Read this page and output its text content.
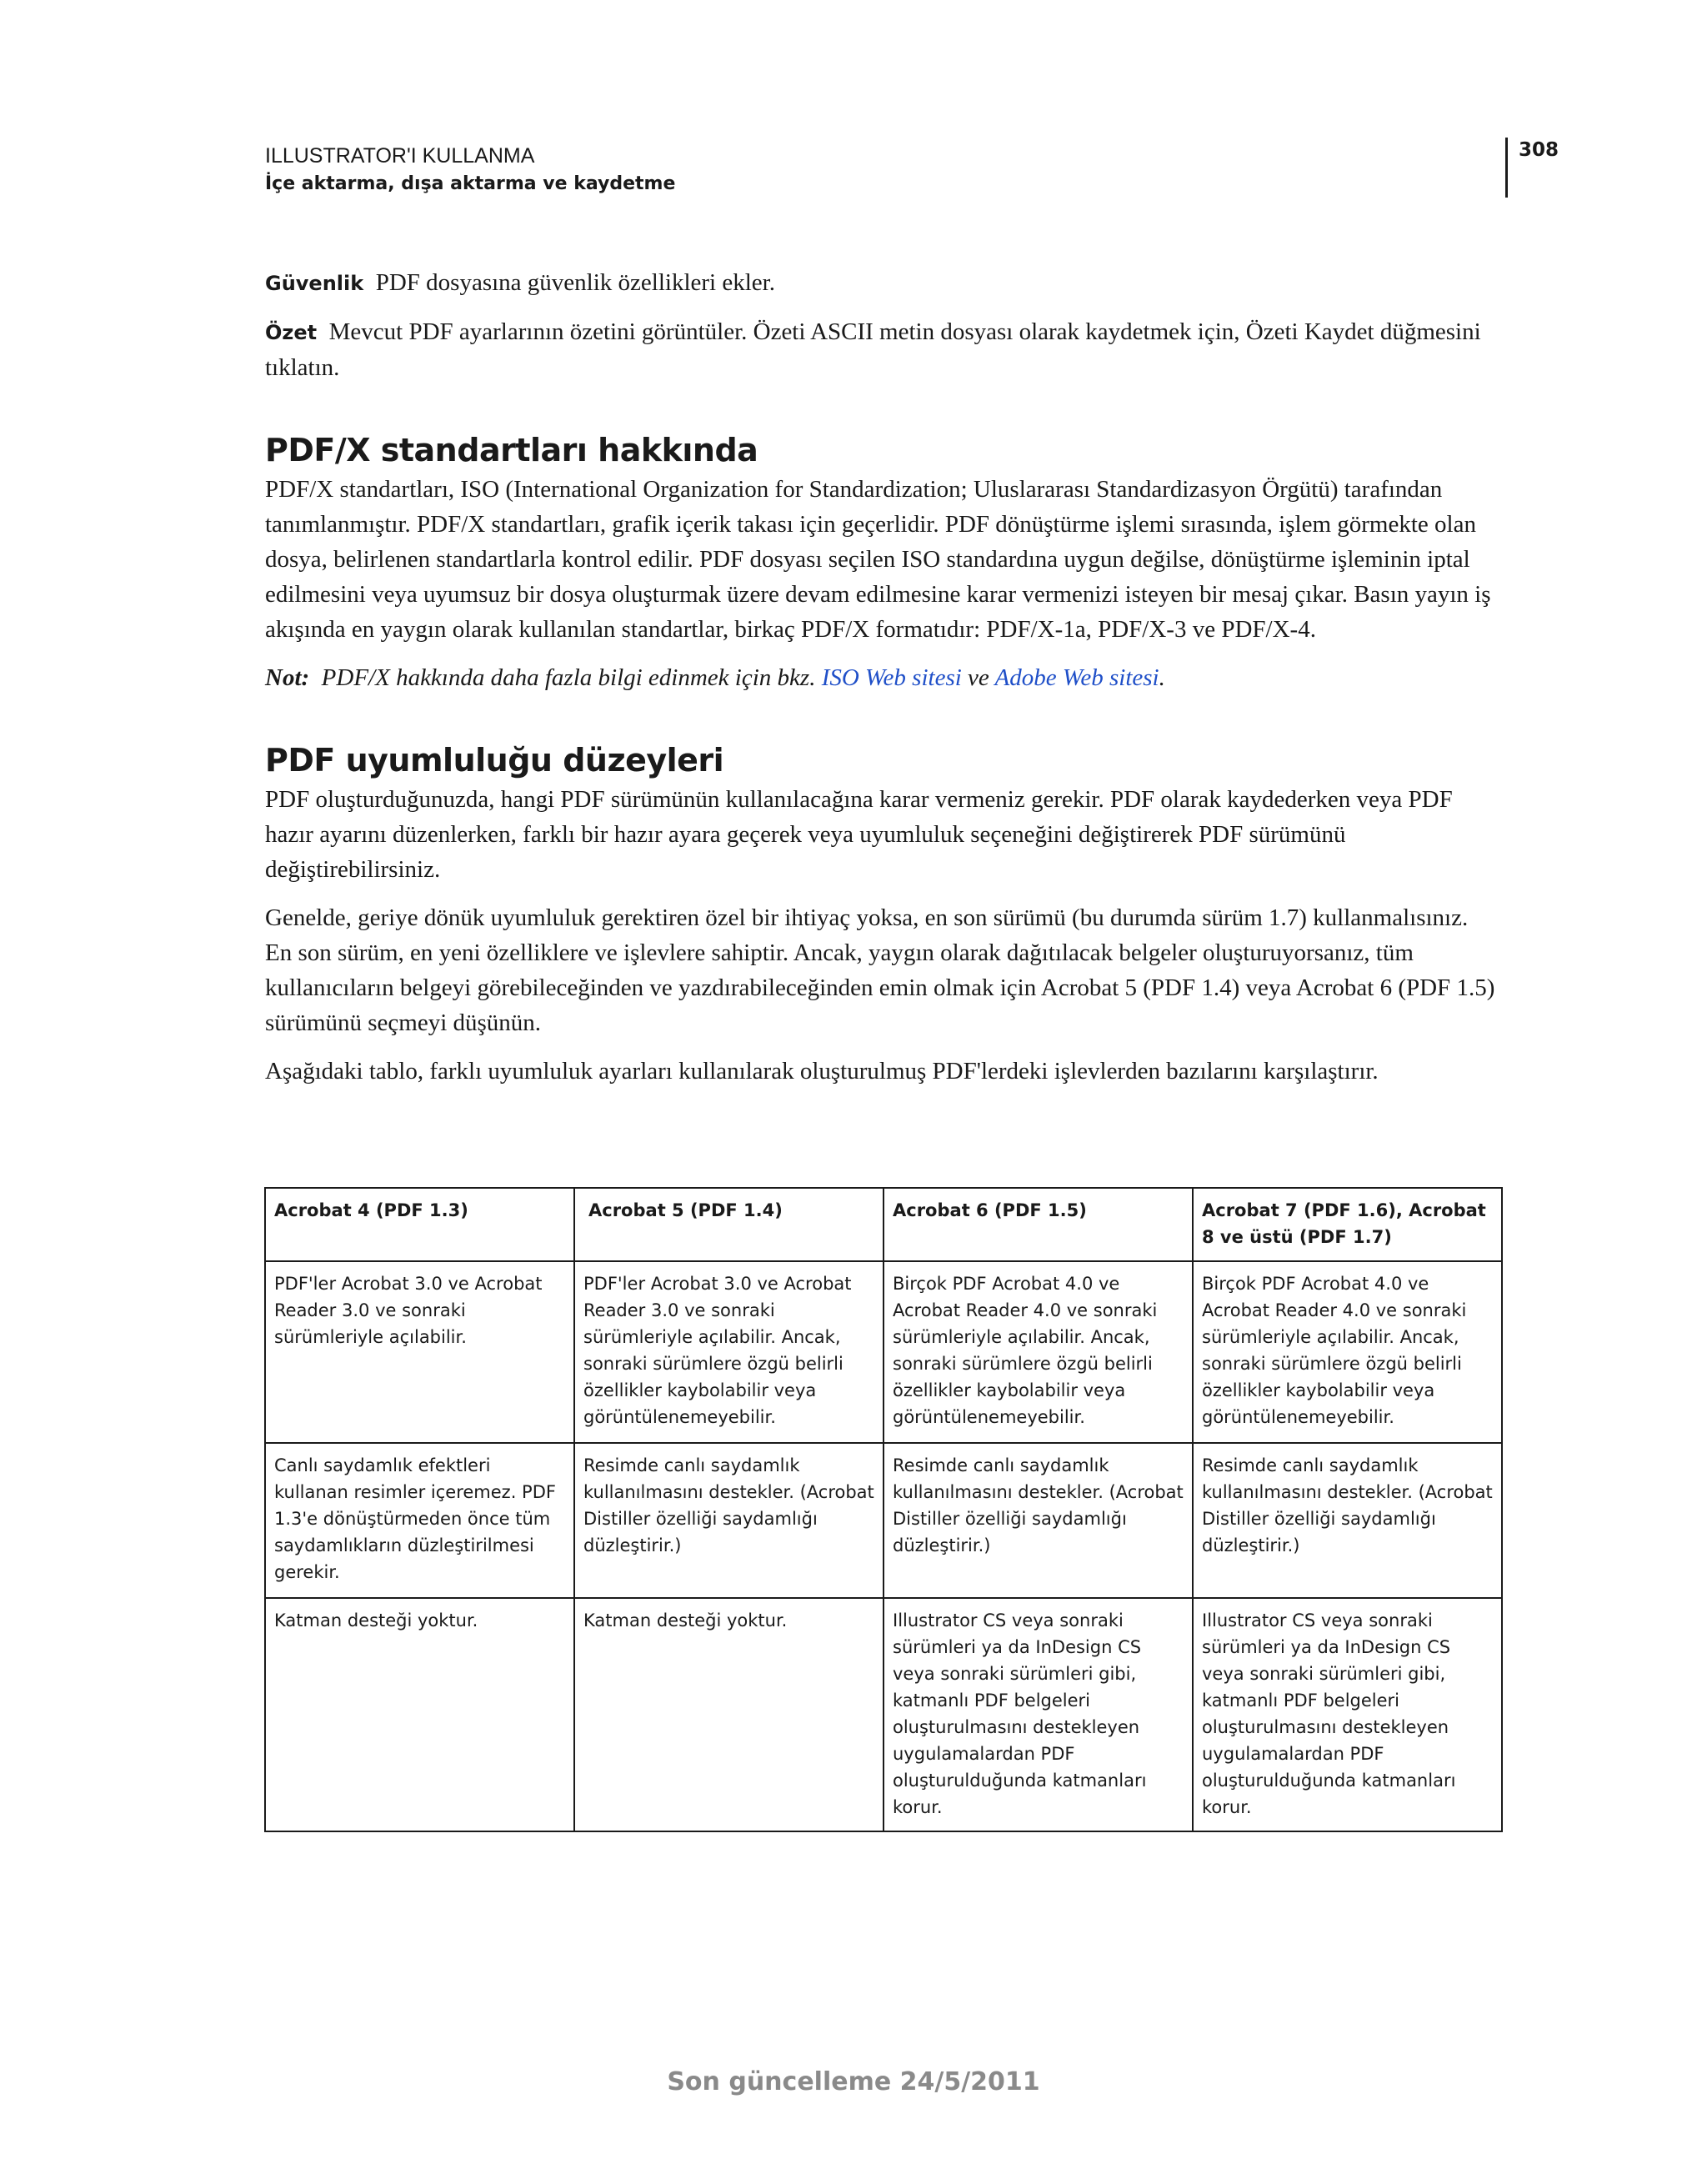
ILLUSTRATOR'I KULLANMA
İçe aktarma, dışa aktarma ve kaydetme
308

Güvenlik PDF dosyasına güvenlik özellikleri ekler.

Özet Mevcut PDF ayarlarının özetini görüntüler. Özeti ASCII metin dosyası olarak kaydetmek için, Özeti Kaydet düğmesini tıklatın.

PDF/X standartları hakkında

PDF/X standartları, ISO (International Organization for Standardization; Uluslararası Standardizasyon Örgütü) tarafından tanımlanmıştır. PDF/X standartları, grafik içerik takası için geçerlidir. PDF dönüştürme işlemi sırasında, işlem görmekte olan dosya, belirlenen standartlarla kontrol edilir. PDF dosyası seçilen ISO standardına uygun değilse, dönüştürme işleminin iptal edilmesini veya uyumsuz bir dosya oluşturmak üzere devam edilmesine karar vermenizi isteyen bir mesaj çıkar. Basın yayın iş akışında en yaygın olarak kullanılan standartlar, birkaç PDF/X formatıdır: PDF/X-1a, PDF/X-3 ve PDF/X-4.

Not: PDF/X hakkında daha fazla bilgi edinmek için bkz. ISO Web sitesi ve Adobe Web sitesi.

PDF uyumluluğu düzeyleri

PDF oluşturduğunuzda, hangi PDF sürümünün kullanılacağına karar vermeniz gerekir. PDF olarak kaydederken veya PDF hazır ayarını düzenlerken, farklı bir hazır ayara geçerek veya uyumluluk seçeneğini değiştirerek PDF sürümünü değiştirebilirsiniz.

Genelde, geriye dönük uyumluluk gerektiren özel bir ihtiyaç yoksa, en son sürümü (bu durumda sürüm 1.7) kullanmalısınız. En son sürüm, en yeni özelliklere ve işlevlere sahiptir. Ancak, yaygın olarak dağıtılacak belgeler oluşturuyorsanız, tüm kullanıcıların belgeyi görebileceğinden ve yazdırabileceğinden emin olmak için Acrobat 5 (PDF 1.4) veya Acrobat 6 (PDF 1.5) sürümünü seçmeyi düşünün.

Aşağıdaki tablo, farklı uyumluluk ayarları kullanılarak oluşturulmuş PDF'lerdeki işlevlerden bazılarını karşılaştırır.

Acrobat 4 (PDF 1.3)	Acrobat 5 (PDF 1.4)	Acrobat 6 (PDF 1.5)	Acrobat 7 (PDF 1.6), Acrobat 8 ve üstü (PDF 1.7)
PDF'ler Acrobat 3.0 ve Acrobat Reader 3.0 ve sonraki sürümleriyle açılabilir.	PDF'ler Acrobat 3.0 ve Acrobat Reader 3.0 ve sonraki sürümleriyle açılabilir. Ancak, sonraki sürümlere özgü belirli özellikler kaybolabilir veya görüntülenemeyebilir.	Birçok PDF Acrobat 4.0 ve Acrobat Reader 4.0 ve sonraki sürümleriyle açılabilir. Ancak, sonraki sürümlere özgü belirli özellikler kaybolabilir veya görüntülenemeyebilir.	Birçok PDF Acrobat 4.0 ve Acrobat Reader 4.0 ve sonraki sürümleriyle açılabilir. Ancak, sonraki sürümlere özgü belirli özellikler kaybolabilir veya görüntülenemeyebilir.
Canlı saydamlık efektleri kullanan resimler içeremez. PDF 1.3'e dönüştürmeden önce tüm saydamlıkların düzleştirilmesi gerekir.	Resimde canlı saydamlık kullanılmasını destekler. (Acrobat Distiller özelliği saydamlığı düzleştirir.)	Resimde canlı saydamlık kullanılmasını destekler. (Acrobat Distiller özelliği saydamlığı düzleştirir.)	Resimde canlı saydamlık kullanılmasını destekler. (Acrobat Distiller özelliği saydamlığı düzleştirir.)
Katman desteği yoktur.	Katman desteği yoktur.	Illustrator CS veya sonraki sürümleri ya da InDesign CS veya sonraki sürümleri gibi, katmanlı PDF belgeleri oluşturulmasını destekleyen uygulamalardan PDF oluşturulduğunda katmanları korur.	Illustrator CS veya sonraki sürümleri ya da InDesign CS veya sonraki sürümleri gibi, katmanlı PDF belgeleri oluşturulmasını destekleyen uygulamalardan PDF oluşturulduğunda katmanları korur.
Son güncelleme 24/5/2011
